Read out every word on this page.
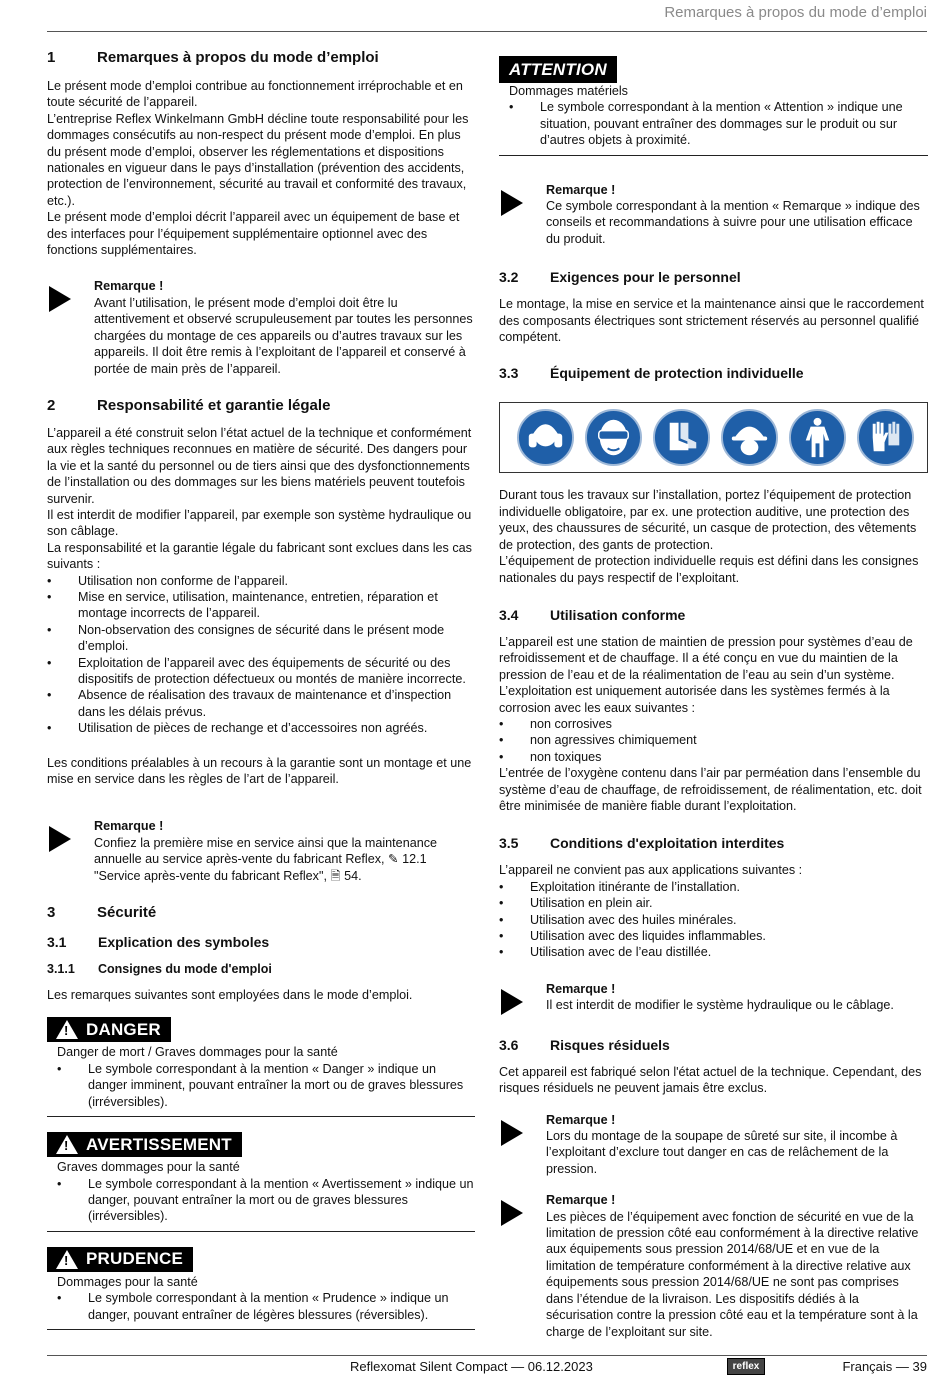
Remarques à propos du mode d’emploi
1	Remarques à propos du mode d’emploi

Le présent mode d’emploi contribue au fonctionnement irréprochable et en toute sécurité de l’appareil.

L’entreprise Reflex Winkelmann GmbH décline toute responsabilité pour les dommages consécutifs au non-respect du présent mode d’emploi. En plus du présent mode d’emploi, observer les réglementations et dispositions nationales en vigueur dans le pays d’installation (prévention des accidents, protection de l’environnement, sécurité au travail et conformité des travaux, etc.).

Le présent mode d’emploi décrit l’appareil avec un équipement de base et des interfaces pour l’équipement supplémentaire optionnel avec des fonctions supplémentaires.

Remarque !

Avant l’utilisation, le présent mode d’emploi doit être lu attentivement et observé scrupuleusement par toutes les personnes chargées du montage de ces appareils ou d’autres travaux sur les appareils. Il doit être remis à l’exploitant de l’appareil et conservé à portée de main près de l’appareil.

2	Responsabilité et garantie légale

L’appareil a été construit selon l’état actuel de la technique et conformément aux règles techniques reconnues en matière de sécurité. Des dangers pour la vie et la santé du personnel ou de tiers ainsi que des dysfonctionnements de l’installation ou des dommages sur les biens matériels peuvent toutefois survenir.

Il est interdit de modifier l’appareil, par exemple son système hydraulique ou son câblage.

La responsabilité et la garantie légale du fabricant sont exclues dans les cas suivants :

• Utilisation non conforme de l’appareil.
• Mise en service, utilisation, maintenance, entretien, réparation et montage incorrects de l’appareil.
• Non-observation des consignes de sécurité dans le présent mode d’emploi.
• Exploitation de l’appareil avec des équipements de sécurité ou des dispositifs de protection défectueux ou montés de manière incorrecte.
• Absence de réalisation des travaux de maintenance et d’inspection dans les délais prévus.
• Utilisation de pièces de rechange et d’accessoires non agréés.

Les conditions préalables à un recours à la garantie sont un montage et une mise en service dans les règles de l’art de l’appareil.

Remarque !

Confiez la première mise en service ainsi que la maintenance annuelle au service après-vente du fabricant Reflex, ✎ 12.1 "Service après-vente du fabricant Reflex", 🗎 54.

3	Sécurité
3.1	Explication des symboles
3.1.1	Consignes du mode d'emploi

Les remarques suivantes sont employées dans le mode d’emploi.

!
DANGER

Danger de mort / Graves dommages pour la santé

• Le symbole correspondant à la mention « Danger » indique un danger imminent, pouvant entraîner la mort ou de graves blessures (irréversibles).
!
AVERTISSEMENT

Graves dommages pour la santé

• Le symbole correspondant à la mention « Avertissement » indique un danger, pouvant entraîner la mort ou de graves blessures (irréversibles).
!
PRUDENCE

Dommages pour la santé

• Le symbole correspondant à la mention « Prudence » indique un danger, pouvant entraîner de légères blessures (réversibles).
ATTENTION

Dommages matériels

• Le symbole correspondant à la mention « Attention » indique une situation, pouvant entraîner des dommages sur le produit ou sur d’autres objets à proximité.
Remarque !

Ce symbole correspondant à la mention « Remarque » indique des conseils et recommandations à suivre pour une utilisation efficace du produit.

3.2	Exigences pour le personnel

Le montage, la mise en service et la maintenance ainsi que le raccordement des composants électriques sont strictement réservés au personnel qualifié compétent.

3.3	Équipement de protection individuelle

Durant tous les travaux sur l’installation, portez l’équipement de protection individuelle obligatoire, par ex. une protection auditive, une protection des yeux, des chaussures de sécurité, un casque de protection, des vêtements de protection, des gants de protection.

L’équipement de protection individuelle requis est défini dans les consignes nationales du pays respectif de l’exploitant.

3.4	Utilisation conforme

L’appareil est une station de maintien de pression pour systèmes d’eau de refroidissement et de chauffage. Il a été conçu en vue du maintien de la pression de l’eau et de la réalimentation de l’eau au sein d’un système. L’exploitation est uniquement autorisée dans les systèmes fermés à la corrosion avec les eaux suivantes :

• non corrosives
• non agressives chimiquement
• non toxiques

L’entrée de l’oxygène contenu dans l’air par perméation dans l’ensemble du système d’eau de chauffage, de refroidissement, de réalimentation, etc. doit être minimisée de manière fiable durant l’exploitation.

3.5	Conditions d'exploitation interdites

L’appareil ne convient pas aux applications suivantes :

• Exploitation itinérante de l’installation.
• Utilisation en plein air.
• Utilisation avec des huiles minérales.
• Utilisation avec des liquides inflammables.
• Utilisation avec de l’eau distillée.
Remarque !

Il est interdit de modifier le système hydraulique ou le câblage.

3.6	Risques résiduels

Cet appareil est fabriqué selon l'état actuel de la technique. Cependant, des risques résiduels ne peuvent jamais être exclus.

Remarque !

Lors du montage de la soupape de sûreté sur site, il incombe à l’exploitant d’exclure tout danger en cas de relâchement de la pression.

Remarque !

Les pièces de l’équipement avec fonction de sécurité en vue de la limitation de pression côté eau conformément à la directive relative aux équipements sous pression 2014/68/UE et en vue de la limitation de température conformément à la directive relative aux équipements sous pression 2014/68/UE ne sont pas comprises dans l’étendue de la livraison. Les dispositifs dédiés à la sécurisation contre la pression côté eau et la température sont à la charge de l’exploitant sur site.

Reflexomat Silent Compact — 06.12.2023	reflex	Français — 39
